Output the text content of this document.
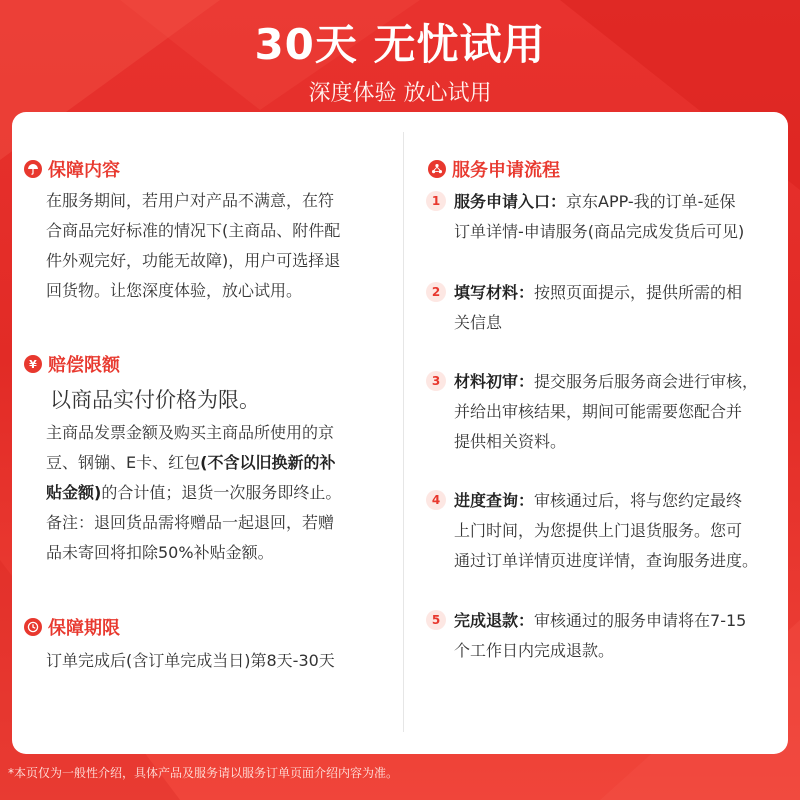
30天 无忧试用
深度体验 放心试用
保障内容
在服务期间，若用户对产品不满意，在符
合商品完好标准的情况下(主商品、附件配
件外观完好，功能无故障)，用户可选择退
回货物。让您深度体验，放心试用。
¥ 赔偿限额
以商品实付价格为限。
主商品发票金额及购买主商品所使用的京
豆、钢镚、E卡、红包(不含以旧换新的补
贴金额)的合计值；退货一次服务即终止。
备注：退回货品需将赠品一起退回，若赠
品未寄回将扣除50%补贴金额。
保障期限
订单完成后(含订单完成当日)第8天-30天
服务申请流程
1 服务申请入口：京东APP-我的订单-延保
订单详情-申请服务(商品完成发货后可见)
2 填写材料：按照页面提示，提供所需的相
关信息
3 材料初审：提交服务后服务商会进行审核，
并给出审核结果，期间可能需要您配合并
提供相关资料。
4 进度查询：审核通过后，将与您约定最终
上门时间，为您提供上门退货服务。您可
通过订单详情页进度详情，查询服务进度。
5 完成退款：审核通过的服务申请将在7-15
个工作日内完成退款。
*本页仅为一般性介绍，具体产品及服务请以服务订单页面介绍内容为准。
